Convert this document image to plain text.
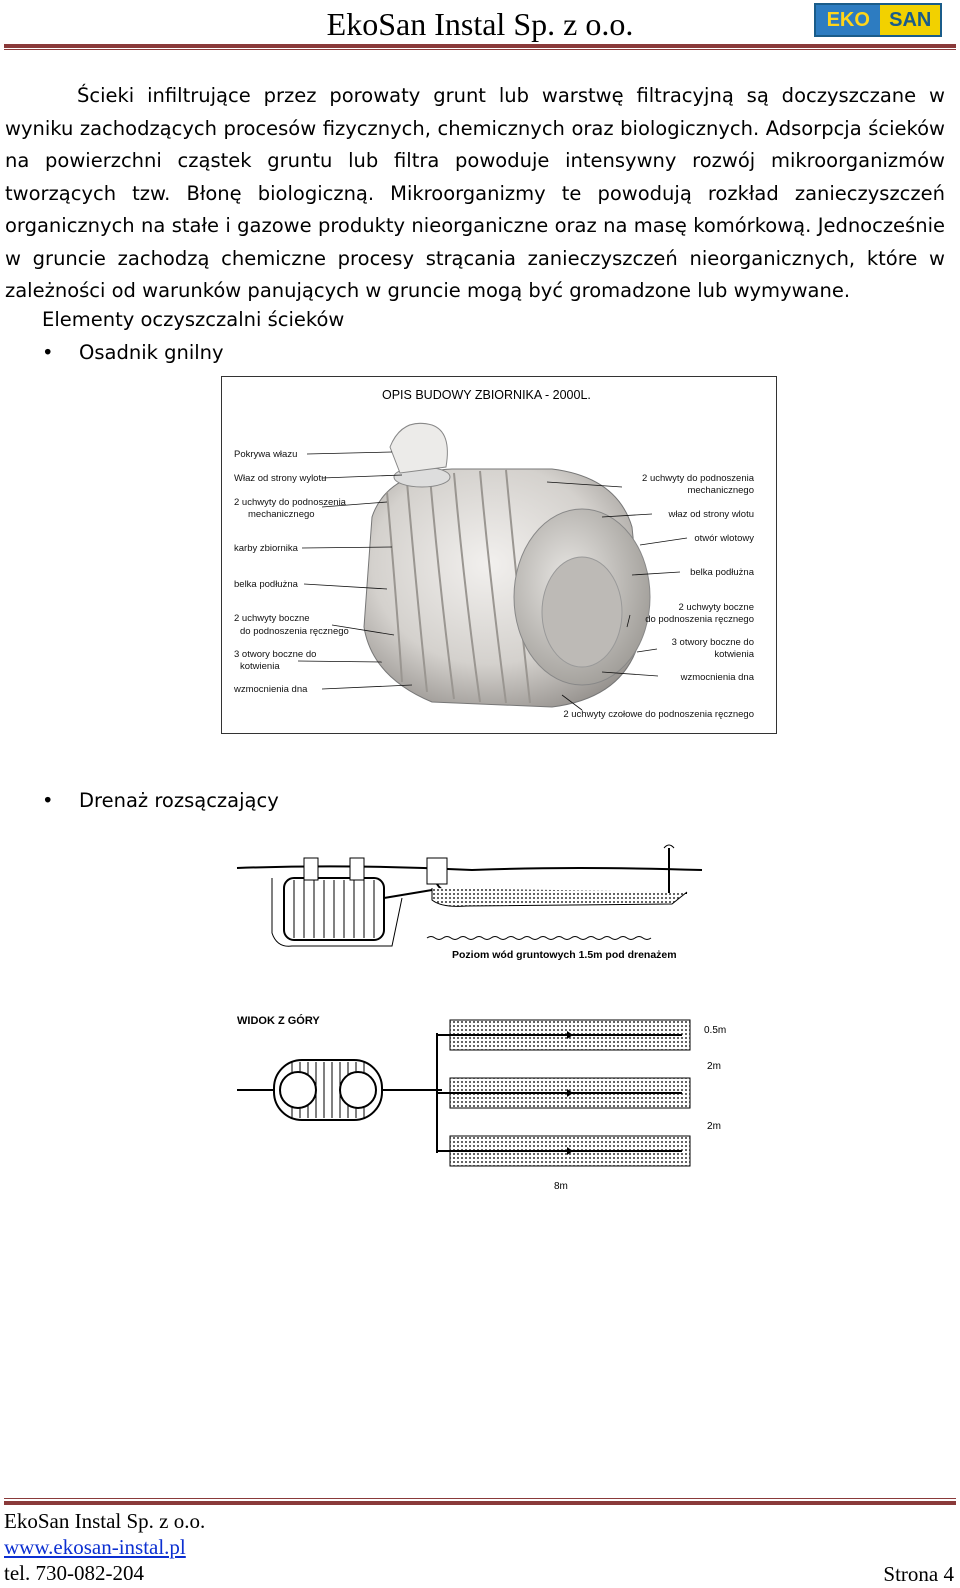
EkoSan Instal Sp. z o.o.	EKO SAN
Ścieki infiltrujące przez porowaty grunt lub warstwę filtracyjną są doczyszczane w wyniku zachodzących procesów fizycznych, chemicznych oraz biologicznych. Adsorpcja ścieków na powierzchni cząstek gruntu lub filtra powoduje intensywny rozwój mikroorganizmów tworzących tzw. Błonę biologiczną. Mikroorganizmy te powodują rozkład zanieczyszczeń organicznych na stałe i gazowe produkty nieorganiczne oraz na masę komórkową. Jednocześnie w gruncie zachodzą chemiczne procesy strącania zanieczyszczeń nieorganicznych, które w zależności od warunków panujących w gruncie mogą być gromadzone lub wymywane.
Elementy oczyszczalni ścieków
• Osadnik gnilny
OPIS BUDOWY ZBIORNIKA - 2000L.
Pokrywa włazu
Właz od strony wylotu
2 uchwyty do podnoszenia
mechanicznego
karby zbiornika
belka podłużna
2 uchwyty boczne
do podnoszenia ręcznego
3 otwory boczne do
kotwienia
wzmocnienia dna
2 uchwyty do podnoszenia
mechanicznego
właz od strony wlotu
otwór wlotowy
belka podłużna
2 uchwyty boczne
do podnoszenia ręcznego
3 otwory boczne do
kotwienia
wzmocnienia dna
2 uchwyty czołowe do podnoszenia ręcznego
• Drenaż rozsączający
Poziom wód gruntowych 1.5m pod drenażem
WIDOK Z GÓRY
0.5m
2m
2m
8m
EkoSan Instal Sp. z o.o.
www.ekosan-instal.pl
tel. 730-082-204	Strona 4
